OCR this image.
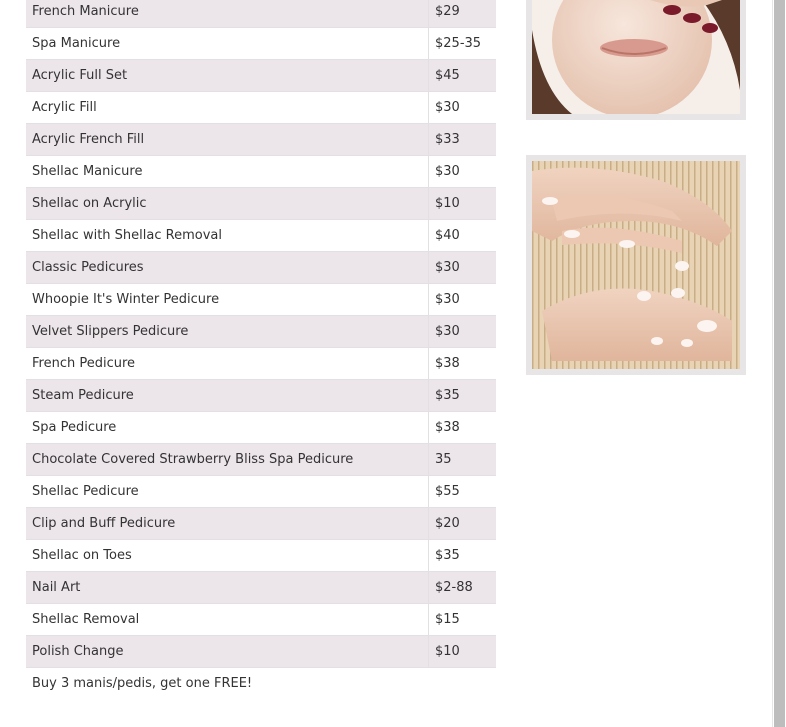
French Manicure	$29
Spa Manicure	$25-35
Acrylic Full Set	$45
Acrylic Fill	$30
Acrylic French Fill	$33
Shellac Manicure	$30
Shellac on Acrylic	$10
Shellac with Shellac Removal	$40
Classic Pedicures	$30
Whoopie It's Winter Pedicure	$30
Velvet Slippers Pedicure	$30
French Pedicure	$38
Steam Pedicure	$35
Spa Pedicure	$38
Chocolate Covered Strawberry Bliss Spa Pedicure	35
Shellac Pedicure	$55
Clip and Buff Pedicure	$20
Shellac on Toes	$35
Nail Art	$2-88
Shellac Removal	$15
Polish Change	$10
Buy 3 manis/pedis, get one FREE!	
